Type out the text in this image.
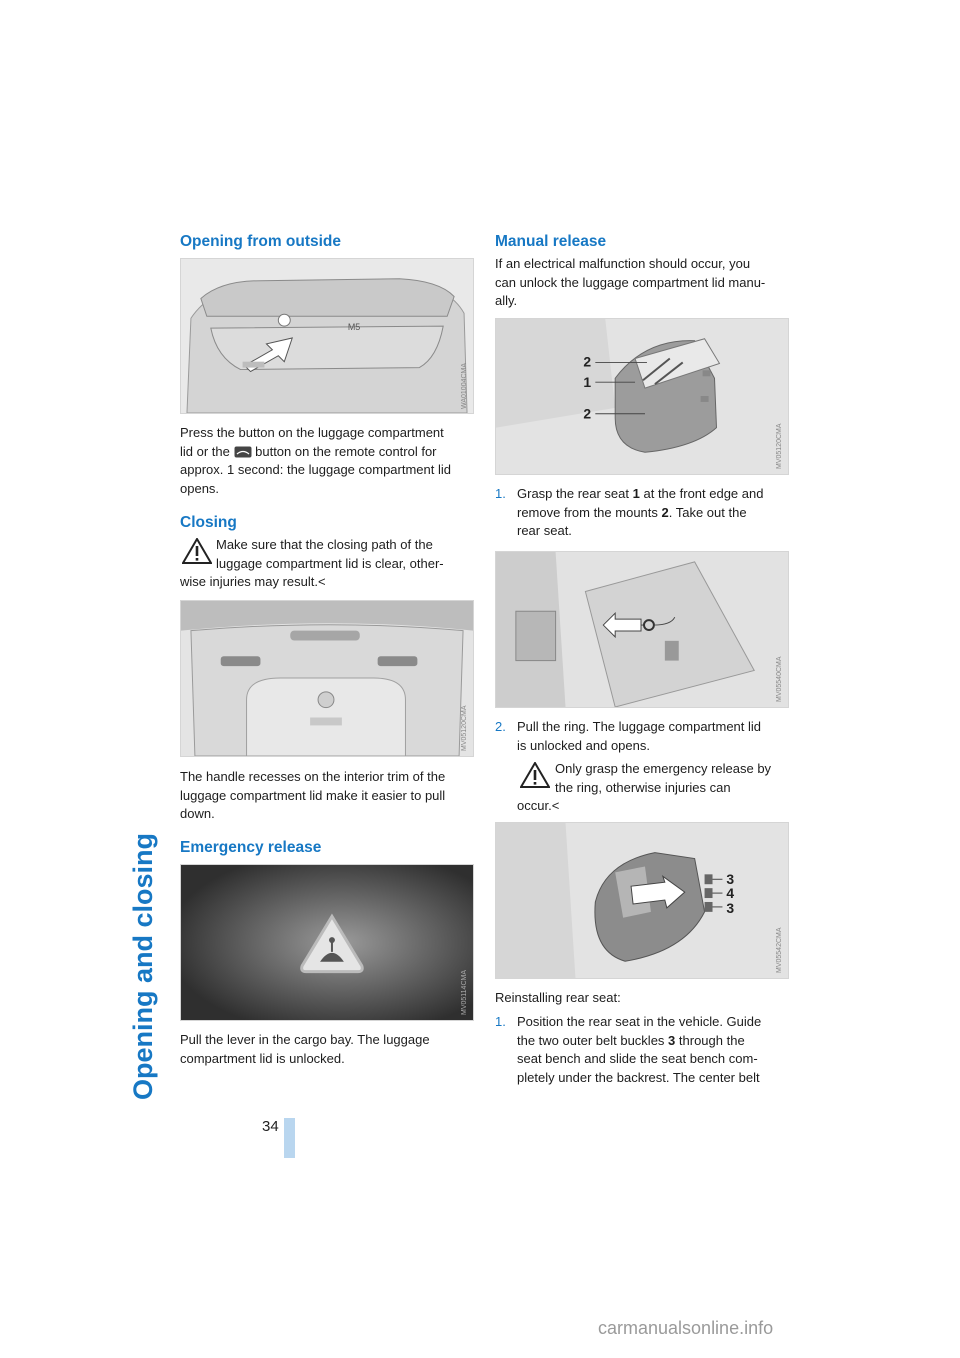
Opening and closing
34
Opening from outside
M5
WA01004CMA

Press the button on the luggage compartment

lid or the button on the remote control for

approx. 1 second: the luggage compartment lid

opens.

Closing

Make sure that the closing path of the

luggage compartment lid is clear, other-

wise injuries may result.<

MV05120CMA

The handle recesses on the interior trim of the

luggage compartment lid make it easier to pull

down.

Emergency release
MV05114CMA

Pull the lever in the cargo bay. The luggage

compartment lid is unlocked.

Manual release

If an electrical malfunction should occur, you

can unlock the luggage compartment lid manu-

ally.

2
1
2
MV05120CMA
1. Grasp the rear seat 1 at the front edge and

remove from the mounts 2. Take out the

rear seat.

MV05540CMA
2. Pull the ring. The luggage compartment lid

is unlocked and opens.

Only grasp the emergency release by

the ring, otherwise injuries can

occur.<

3
4
3
MV05542CMA

Reinstalling rear seat:

1. Position the rear seat in the vehicle. Guide

the two outer belt buckles 3 through the

seat bench and slide the seat bench com-

pletely under the backrest. The center belt

carmanualsonline.info
